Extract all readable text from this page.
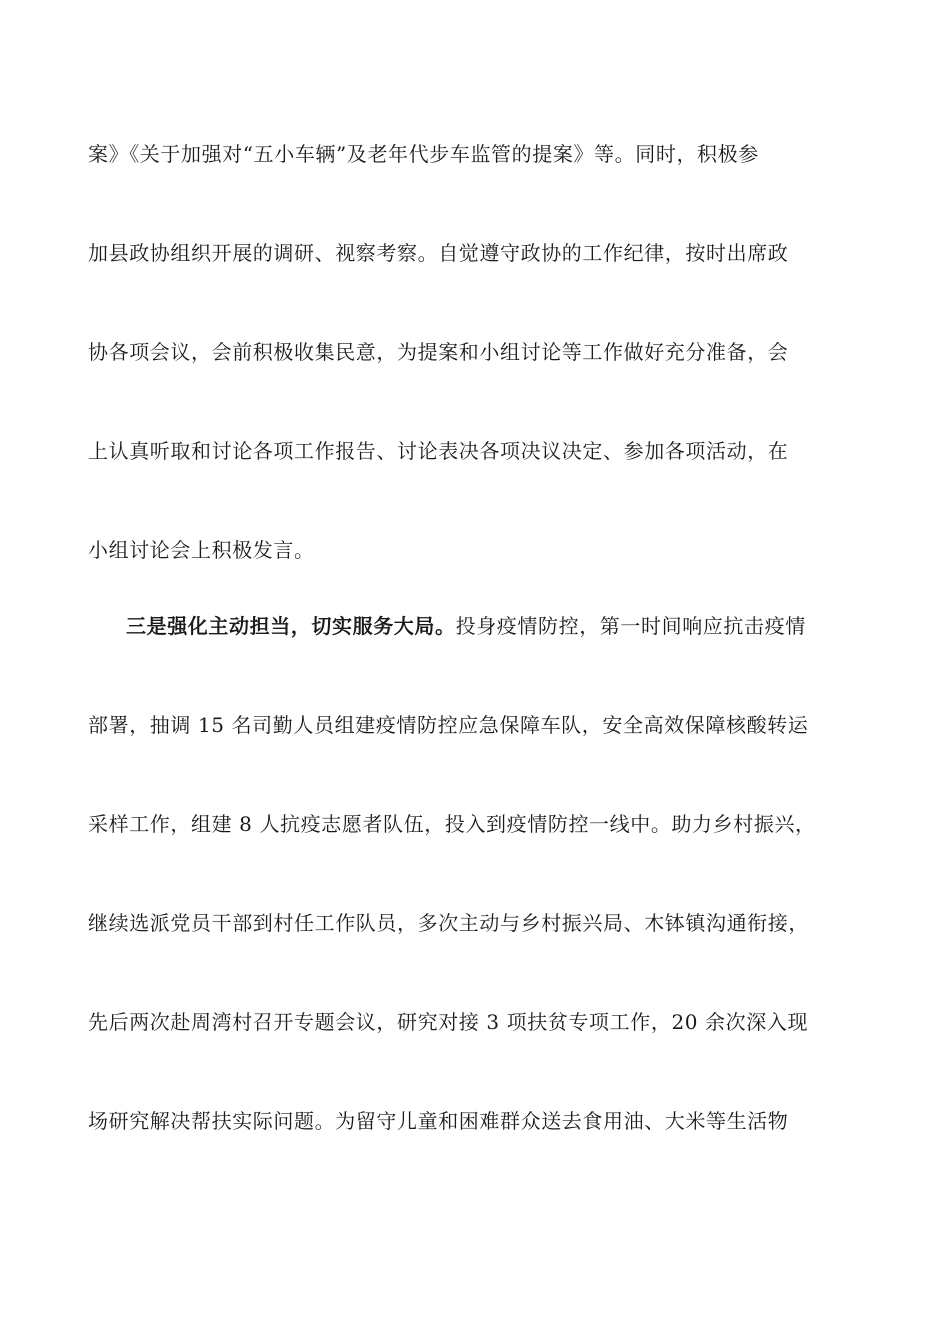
案》《关于加强对“五小车辆”及老年代步车监管的提案》等。同时，积极参
加县政协组织开展的调研、视察考察。自觉遵守政协的工作纪律，按时出席政
协各项会议，会前积极收集民意，为提案和小组讨论等工作做好充分准备，会
上认真听取和讨论各项工作报告、讨论表决各项决议决定、参加各项活动，在
小组讨论会上积极发言。
三是强化主动担当，切实服务大局。投身疫情防控，第一时间响应抗击疫情
部署，抽调 15 名司勤人员组建疫情防控应急保障车队，安全高效保障核酸转运
采样工作，组建 8 人抗疫志愿者队伍，投入到疫情防控一线中。助力乡村振兴，
继续选派党员干部到村任工作队员，多次主动与乡村振兴局、木钵镇沟通衔接，
先后两次赴周湾村召开专题会议，研究对接 3 项扶贫专项工作，20 余次深入现
场研究解决帮扶实际问题。为留守儿童和困难群众送去食用油、大米等生活物
